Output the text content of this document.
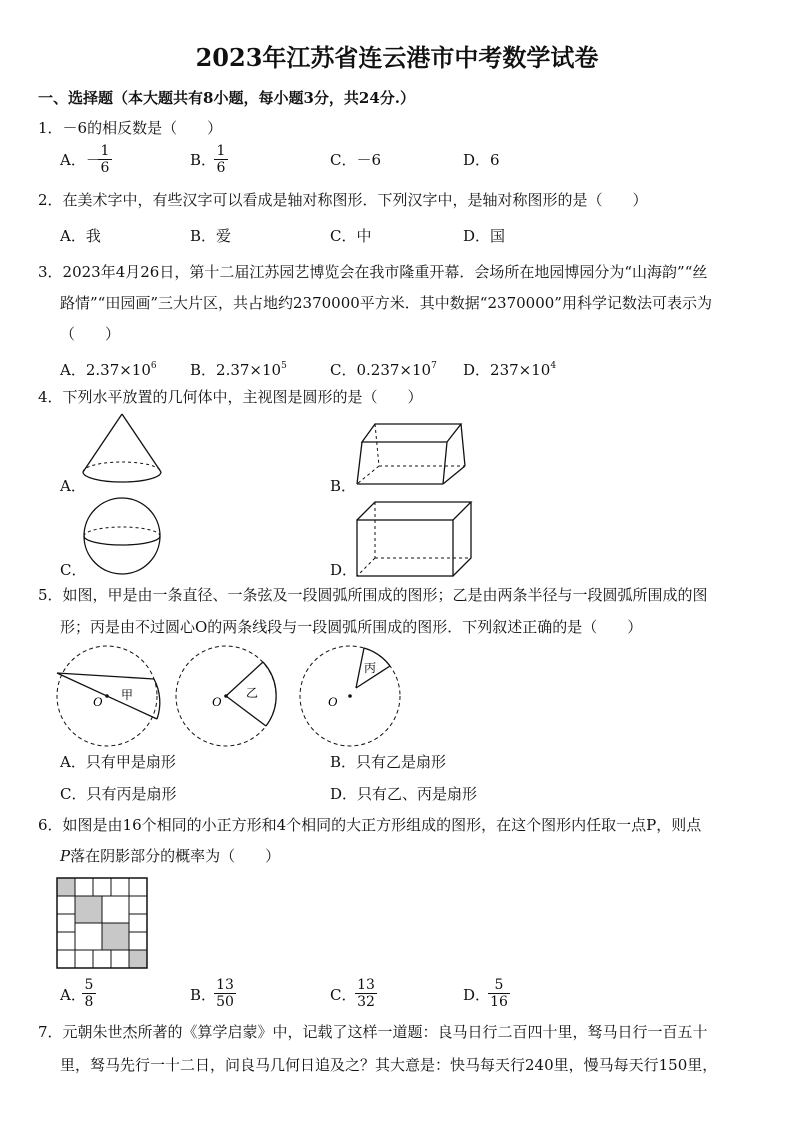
2023年江苏省连云港市中考数学试卷
一、选择题（本大题共有8小题，每小题3分，共24分.）
1．－6的相反数是（　　）
A．－
$\frac{1}{6}$	B．
$\frac{1}{6}$	C．－6	D．6
2．在美术字中，有些汉字可以看成是轴对称图形．下列汉字中，是轴对称图形的是（　　）
A．我	B．爱	C．中	D．国
3．2023年4月26日，第十二届江苏园艺博览会在我市隆重开幕．会场所在地园博园分为“山海韵”“丝
路情”“田园画”三大片区，共占地约2370000平方米．其中数据“2370000”用科学记数法可表示为
（　　）
A．$2.37\times 10^6$ B．$2.37\times 10^5$	C．$0.237\times 10^7$ D．$237\times 10^4$
4．下列水平放置的几何体中，主视图是圆形的是（　　）
A．	B．
C．	D．
5．如图，甲是由一条直径、一条弦及一段圆弧所围成的图形；乙是由两条半径与一段圆弧所围成的图
形；丙是由不过圆心O的两条线段与一段圆弧所围成的图形．下列叙述正确的是（　　）
O 甲	O
乙
O
丙
A．只有甲是扇形	B．只有乙是扇形
C．只有丙是扇形	D．只有乙、丙是扇形
6．如图是由16个相同的小正方形和4个相同的大正方形组成的图形，在这个图形内任取一点P，则点
P落在阴影部分的概率为（　　）
A．
$\frac{5}{8}$	B．
$\frac{13}{50}$	C．
$\frac{13}{32}$	D．
$\frac{5}{16}$
7．元朝朱世杰所著的《算学启蒙》中，记载了这样一道题：良马日行二百四十里，驽马日行一百五十
里，驽马先行一十二日，问良马几何日追及之？其大意是：快马每天行240里，慢马每天行150里，
